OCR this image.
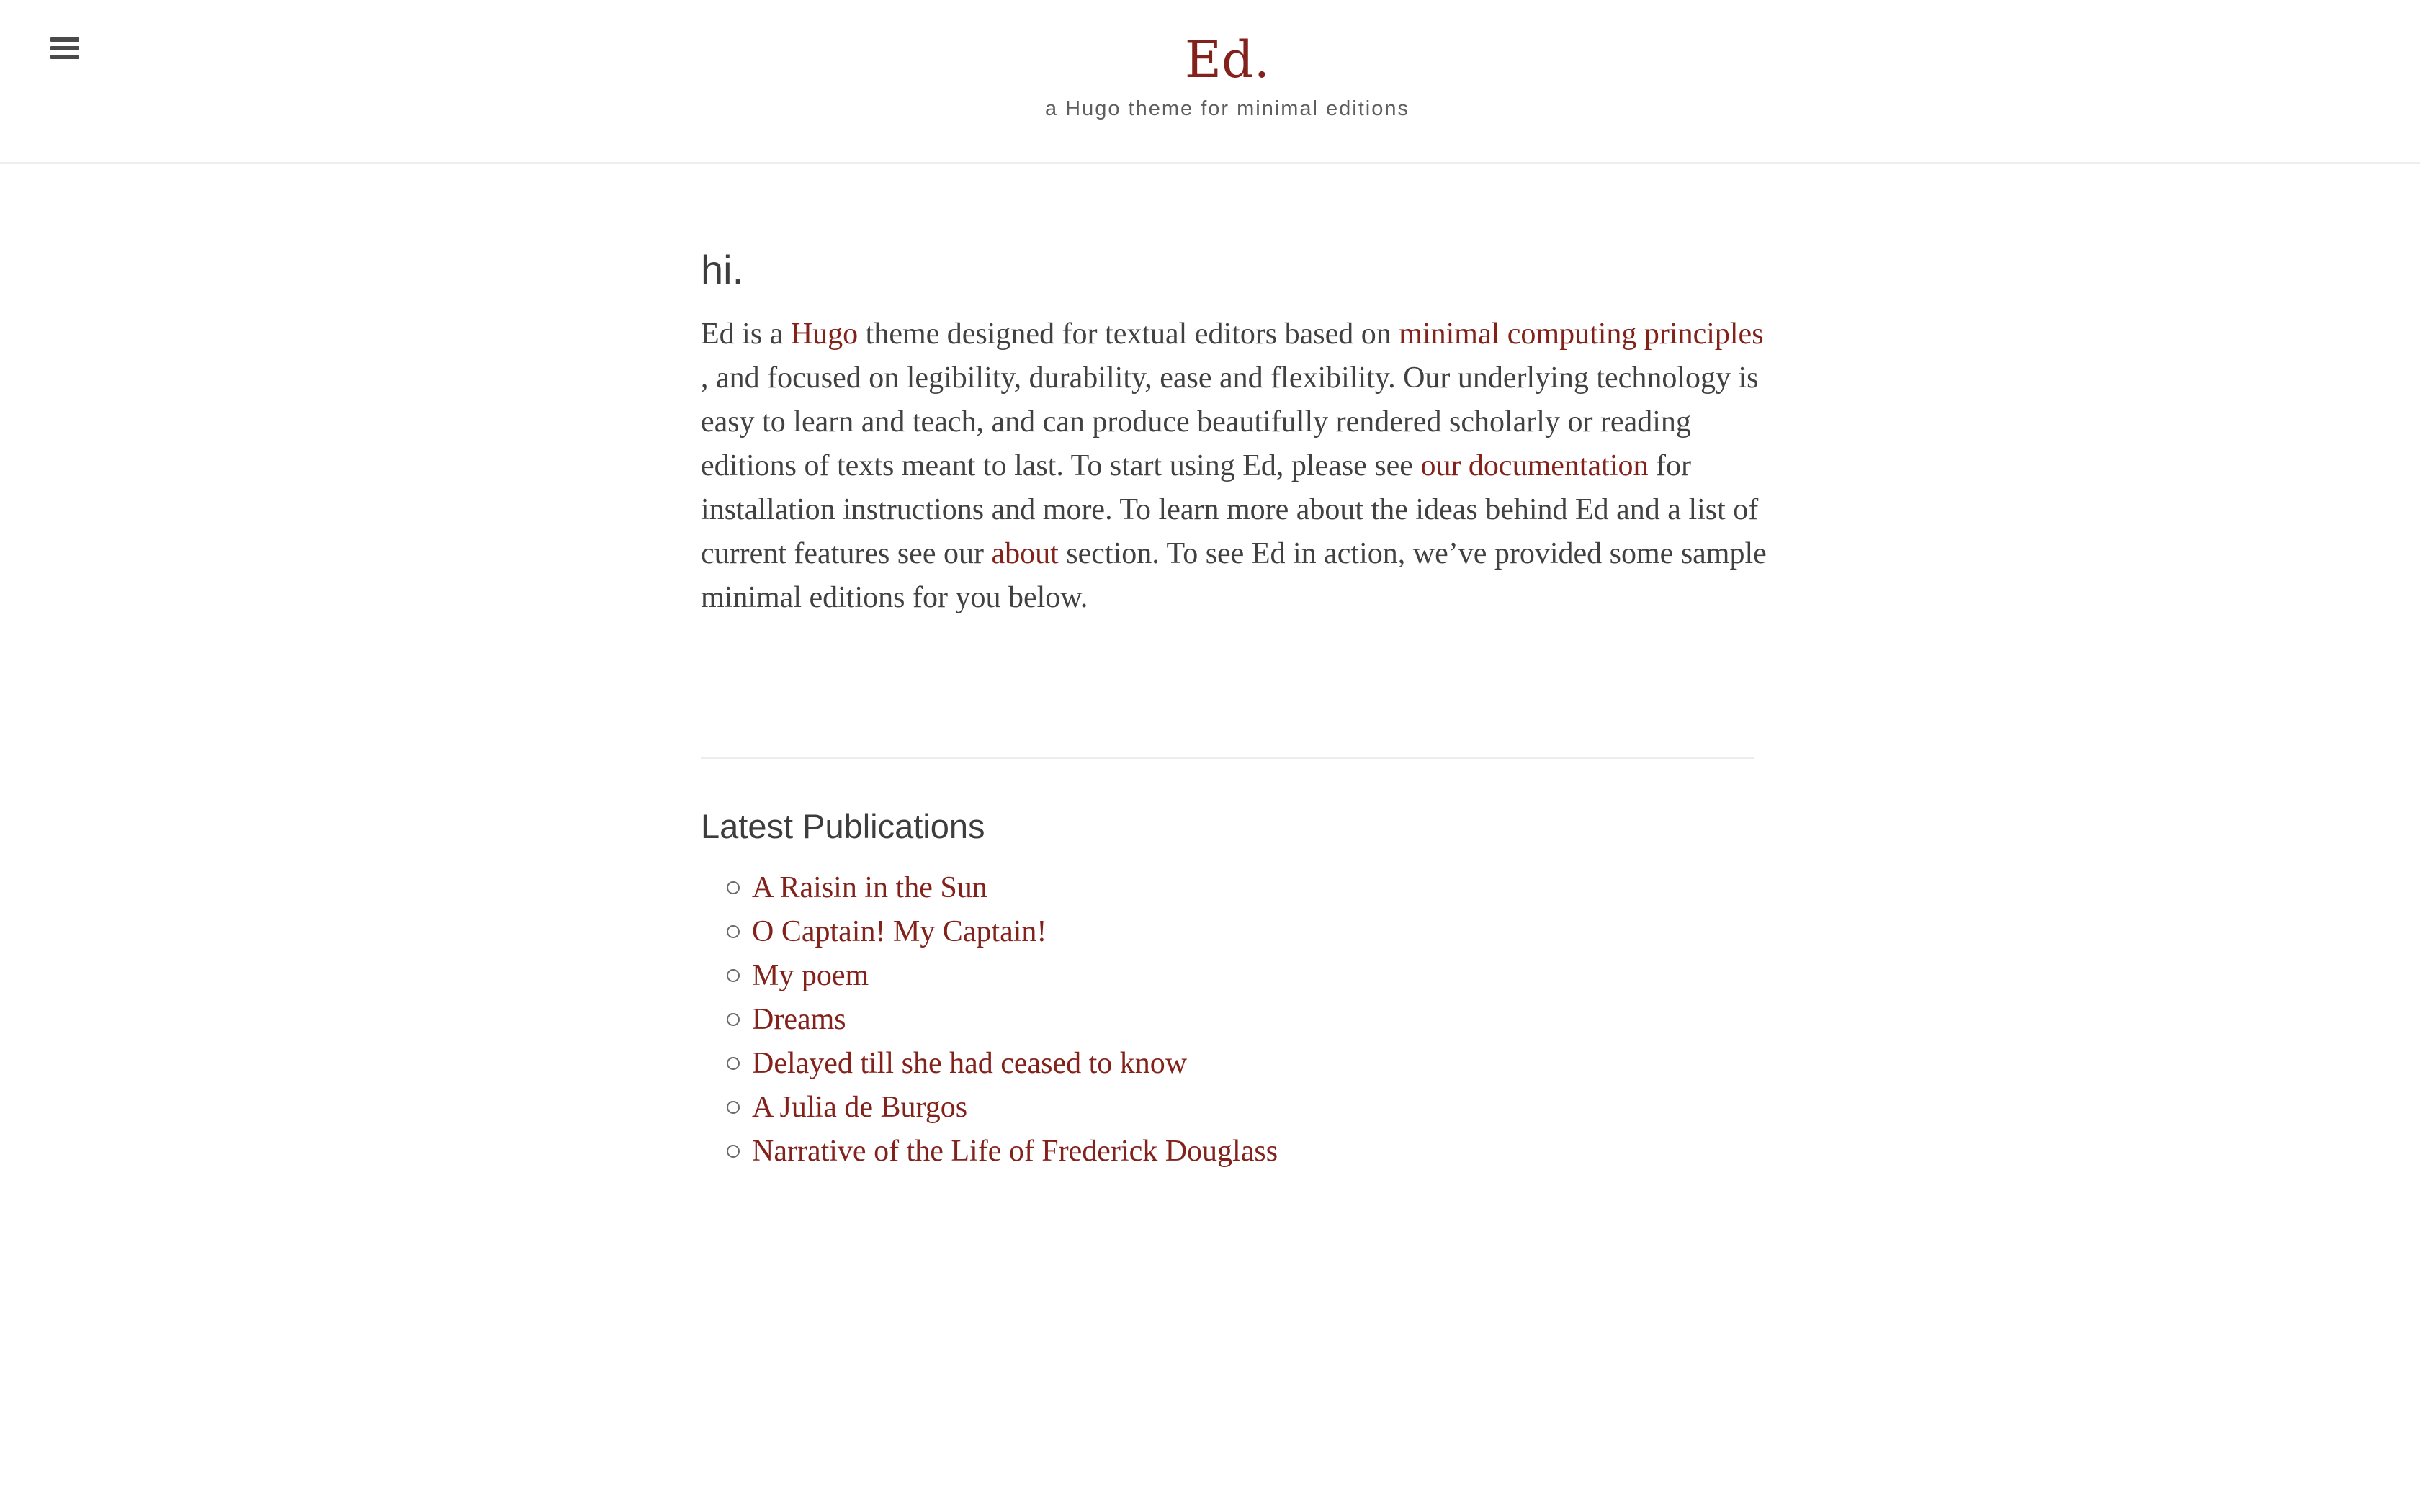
Ed.
a Hugo theme for minimal editions
hi.

Ed is a Hugo theme designed for textual editors based on minimal computing principles , and focused on legibility, durability, ease and flexibility. Our underlying technology is easy to learn and teach, and can produce beautifully rendered scholarly or reading editions of texts meant to last. To start using Ed, please see our documentation for installation instructions and more. To learn more about the ideas behind Ed and a list of current features see our about section. To see Ed in action, we’ve provided some sample minimal editions for you below.

Latest Publications
A Raisin in the Sun
O Captain! My Captain!
My poem
Dreams
Delayed till she had ceased to know
A Julia de Burgos
Narrative of the Life of Frederick Douglass
